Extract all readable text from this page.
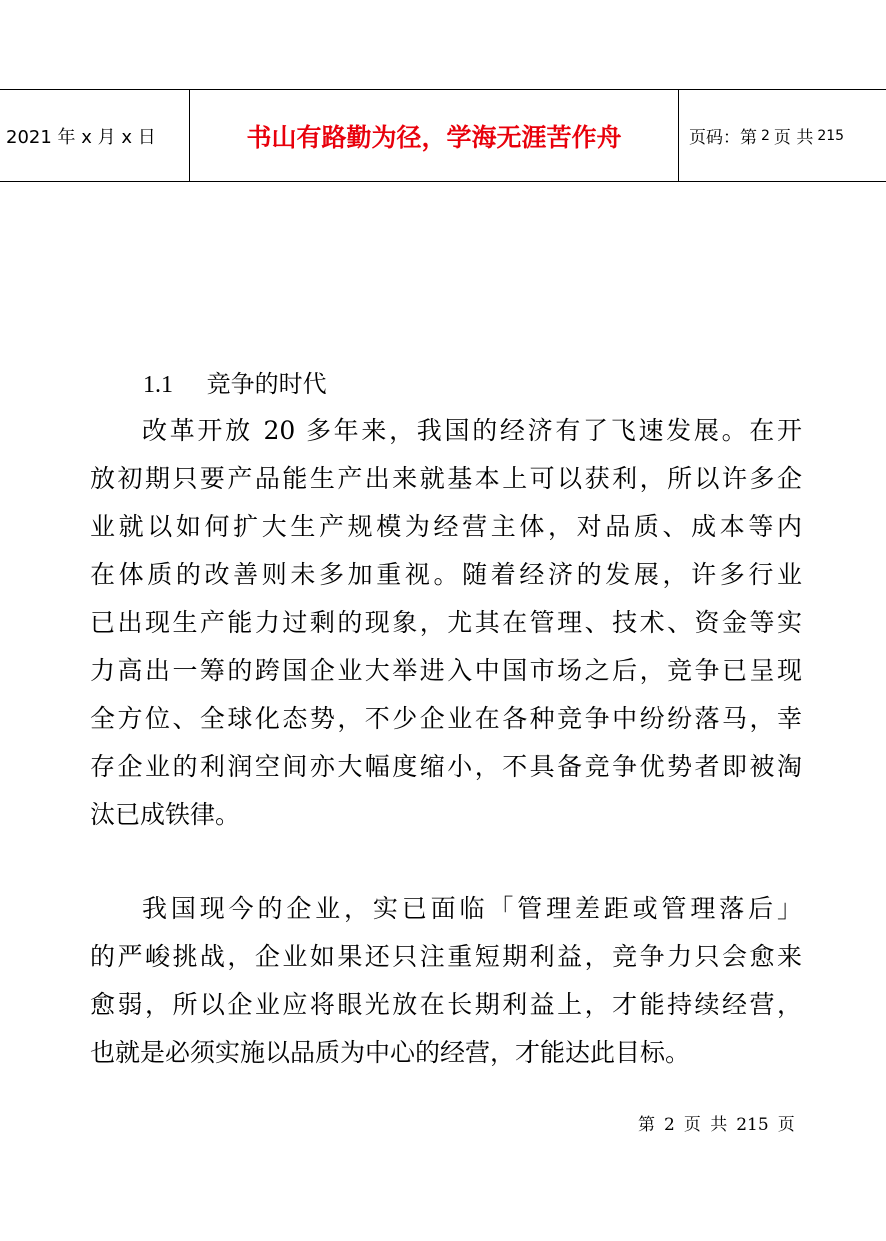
2021 年 x 月 x 日	书山有路勤为径，学海无涯苦作舟	页码：第 2 页 共 215
1.1 竞争的时代
改革开放 20 多年来，我国的经济有了飞速发展。在开
放初期只要产品能生产出来就基本上可以获利，所以许多企
业就以如何扩大生产规模为经营主体，对品质、成本等内
在体质的改善则未多加重视。随着经济的发展，许多行业
已出现生产能力过剩的现象，尤其在管理、技术、资金等实
力高出一筹的跨国企业大举进入中国市场之后，竞争已呈现
全方位、全球化态势，不少企业在各种竞争中纷纷落马，幸
存企业的利润空间亦大幅度缩小，不具备竞争优势者即被淘
汰已成铁律。
我国现今的企业，实已面临「管理差距或管理落后」
的严峻挑战，企业如果还只注重短期利益，竞争力只会愈来
愈弱，所以企业应将眼光放在长期利益上，才能持续经营，
也就是必须实施以品质为中心的经营，才能达此目标。
第 2 页 共 215 页
